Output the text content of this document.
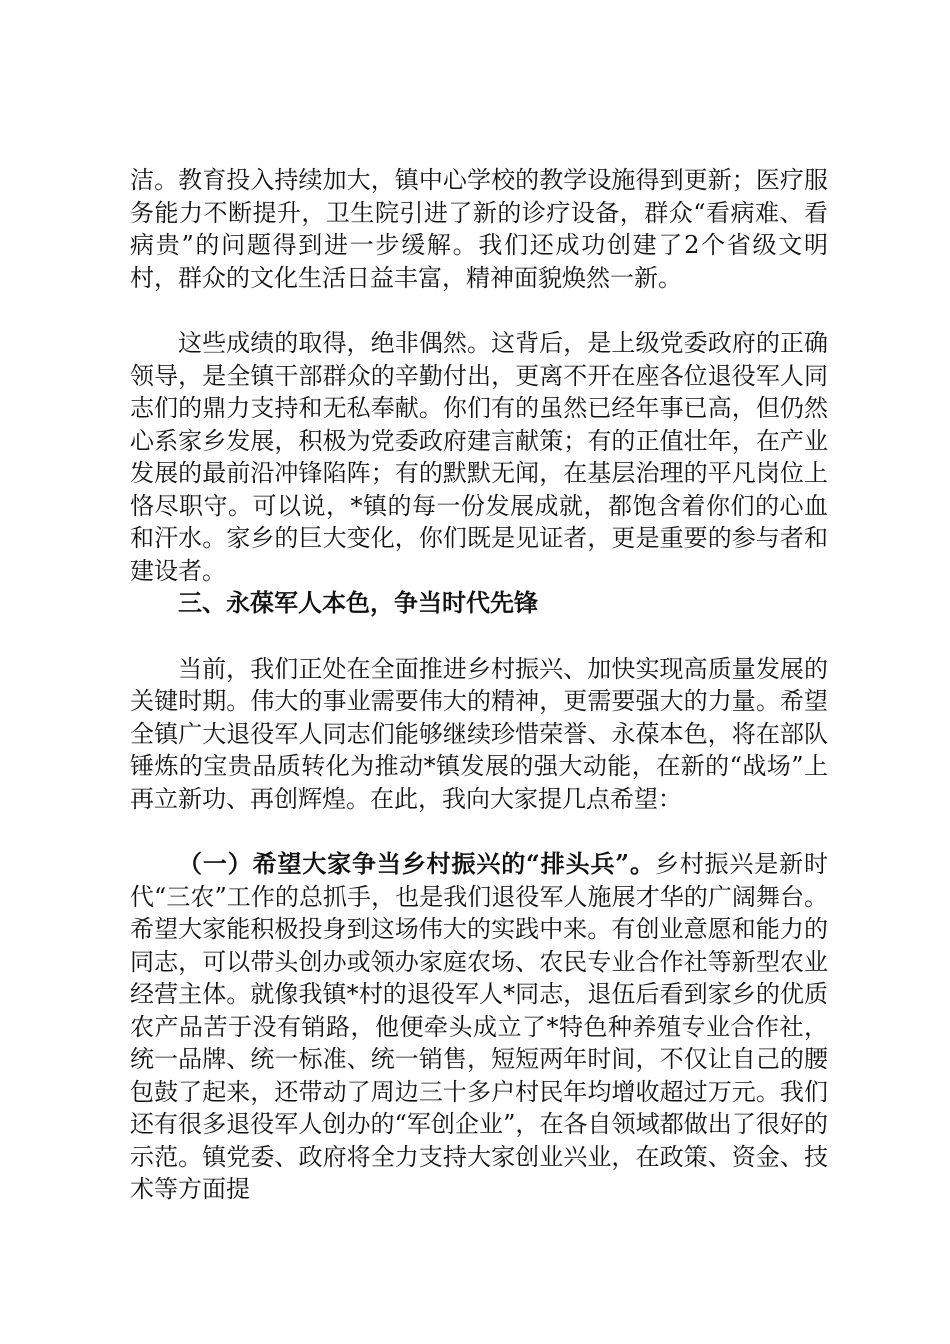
洁。教育投入持续加大，镇中心学校的教学设施得到更新；医疗服务能力不断提升，卫生院引进了新的诊疗设备，群众“看病难、看病贵”的问题得到进一步缓解。我们还成功创建了2个省级文明村，群众的文化生活日益丰富，精神面貌焕然一新。

这些成绩的取得，绝非偶然。这背后，是上级党委政府的正确领导，是全镇干部群众的辛勤付出，更离不开在座各位退役军人同志们的鼎力支持和无私奉献。你们有的虽然已经年事已高，但仍然心系家乡发展，积极为党委政府建言献策；有的正值壮年，在产业发展的最前沿冲锋陷阵；有的默默无闻，在基层治理的平凡岗位上恪尽职守。可以说，*镇的每一份发展成就，都饱含着你们的心血和汗水。家乡的巨大变化，你们既是见证者，更是重要的参与者和建设者。

三、永葆军人本色，争当时代先锋

当前，我们正处在全面推进乡村振兴、加快实现高质量发展的关键时期。伟大的事业需要伟大的精神，更需要强大的力量。希望全镇广大退役军人同志们能够继续珍惜荣誉、永葆本色，将在部队锤炼的宝贵品质转化为推动*镇发展的强大动能，在新的“战场”上再立新功、再创辉煌。在此，我向大家提几点希望：

（一）希望大家争当乡村振兴的“排头兵”。乡村振兴是新时代“三农”工作的总抓手，也是我们退役军人施展才华的广阔舞台。希望大家能积极投身到这场伟大的实践中来。有创业意愿和能力的同志，可以带头创办或领办家庭农场、农民专业合作社等新型农业经营主体。就像我镇*村的退役军人*同志，退伍后看到家乡的优质农产品苦于没有销路，他便牵头成立了*特色种养殖专业合作社，统一品牌、统一标准、统一销售，短短两年时间，不仅让自己的腰包鼓了起来，还带动了周边三十多户村民年均增收超过万元。我们还有很多退役军人创办的“军创企业”，在各自领域都做出了很好的示范。镇党委、政府将全力支持大家创业兴业，在政策、资金、技术等方面提
